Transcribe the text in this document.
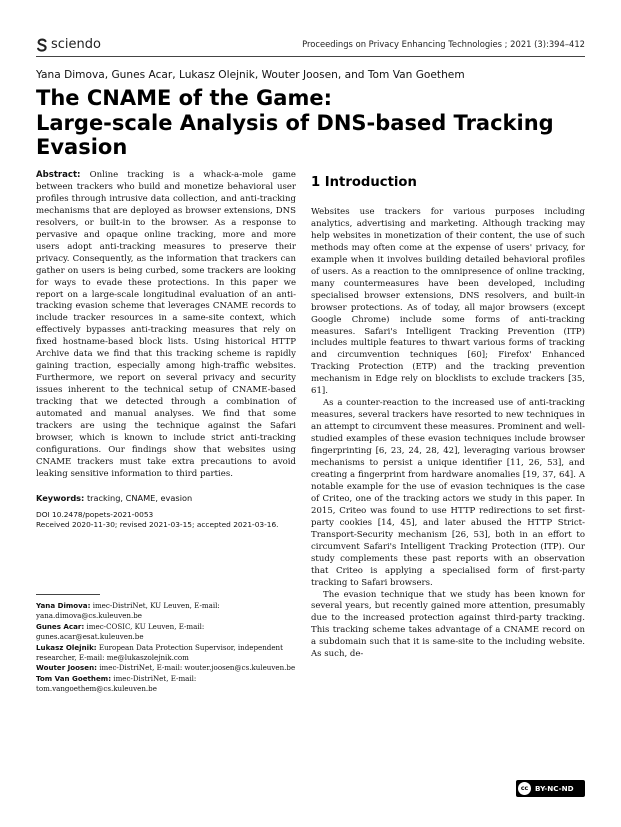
sciendo	Proceedings on Privacy Enhancing Technologies ; 2021 (3):394–412
Yana Dimova, Gunes Acar, Lukasz Olejnik, Wouter Joosen, and Tom Van Goethem
The CNAME of the Game:
Large-scale Analysis of DNS-based Tracking
Evasion

Abstract: Online tracking is a whack-a-mole game between trackers who build and monetize behavioral user profiles through intrusive data collection, and anti-tracking mechanisms that are deployed as browser extensions, DNS resolvers, or built-in to the browser. As a response to pervasive and opaque online tracking, more and more users adopt anti-tracking measures to preserve their privacy. Consequently, as the information that trackers can gather on users is being curbed, some trackers are looking for ways to evade these protections. In this paper we report on a large-scale longitudinal evaluation of an anti-tracking evasion scheme that leverages CNAME records to include tracker resources in a same-site context, which effectively bypasses anti-tracking measures that rely on fixed hostname-based block lists. Using historical HTTP Archive data we find that this tracking scheme is rapidly gaining traction, especially among high-traffic websites. Furthermore, we report on several privacy and security issues inherent to the technical setup of CNAME-based tracking that we detected through a combination of automated and manual analyses. We find that some trackers are using the technique against the Safari browser, which is known to include strict anti-tracking configurations. Our findings show that websites using CNAME trackers must take extra precautions to avoid leaking sensitive information to third parties.

Keywords: tracking, CNAME, evasion
DOI 10.2478/popets-2021-0053
Received 2020-11-30; revised 2021-03-15; accepted 2021-03-16.
Yana Dimova: imec-DistriNet, KU Leuven, E-mail: yana.dimova@cs.kuleuven.be
Gunes Acar: imec-COSIC, KU Leuven, E-mail: gunes.acar@esat.kuleuven.be
Lukasz Olejnik: European Data Protection Supervisor, independent researcher, E-mail: me@lukaszolejnik.com
Wouter Joosen: imec-DistriNet, E-mail: wouter.joosen@cs.kuleuven.be
Tom Van Goethem: imec-DistriNet, E-mail: tom.vangoethem@cs.kuleuven.be
1 Introduction

Websites use trackers for various purposes including analytics, advertising and marketing. Although tracking may help websites in monetization of their content, the use of such methods may often come at the expense of users' privacy, for example when it involves building detailed behavioral profiles of users. As a reaction to the omnipresence of online tracking, many countermeasures have been developed, including specialised browser extensions, DNS resolvers, and built-in browser protections. As of today, all major browsers (except Google Chrome) include some forms of anti-tracking measures. Safari's Intelligent Tracking Prevention (ITP) includes multiple features to thwart various forms of tracking and circumvention techniques [60]; Firefox' Enhanced Tracking Protection (ETP) and the tracking prevention mechanism in Edge rely on blocklists to exclude trackers [35, 61].

As a counter-reaction to the increased use of anti-tracking measures, several trackers have resorted to new techniques in an attempt to circumvent these measures. Prominent and well-studied examples of these evasion techniques include browser fingerprinting [6, 23, 24, 28, 42], leveraging various browser mechanisms to persist a unique identifier [11, 26, 53], and creating a fingerprint from hardware anomalies [19, 37, 64]. A notable example for the use of evasion techniques is the case of Criteo, one of the tracking actors we study in this paper. In 2015, Criteo was found to use HTTP redirections to set first-party cookies [14, 45], and later abused the HTTP Strict-Transport-Security mechanism [26, 53], both in an effort to circumvent Safari's Intelligent Tracking Protection (ITP). Our study complements these past reports with an observation that Criteo is applying a specialised form of first-party tracking to Safari browsers.

The evasion technique that we study has been known for several years, but recently gained more attention, presumably due to the increased protection against third-party tracking. This tracking scheme takes advantage of a CNAME record on a subdomain such that it is same-site to the including website. As such, de-

cc BY-NC-ND
